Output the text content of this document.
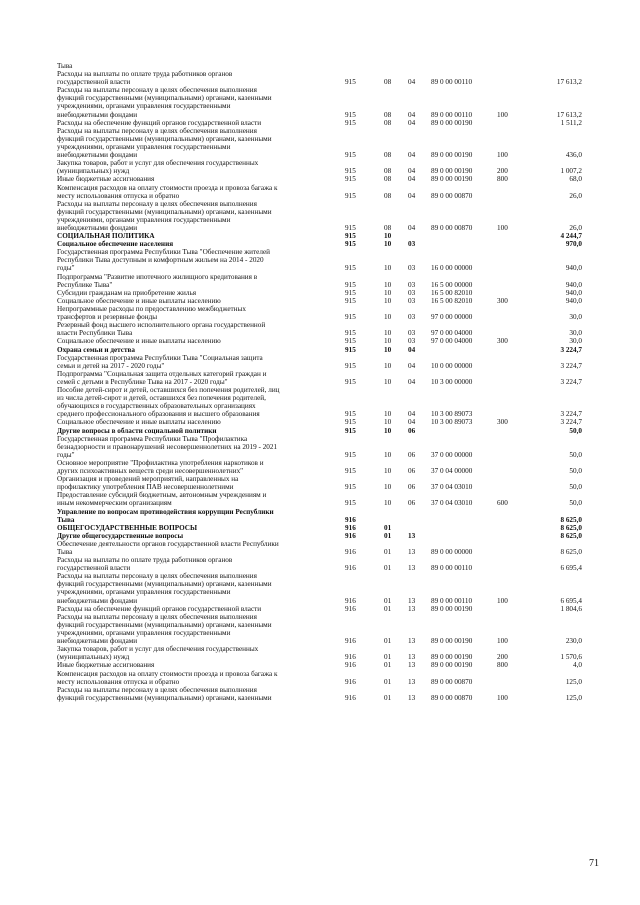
Тыва
Расходы на выплаты по оплате труда работников органов
государственной власти	915	08 04 89 0 00 00110	17 613,2
Расходы на выплаты персоналу в целях обеспечения выполнения
функций государственными (муниципальными) органами, казенными
учреждениями, органами управления государственными
внебюджетными фондами	915	08 04 89 0 00 00110	100	17 613,2
Расходы на обеспечение функций органов государственной власти	915	08 04 89 0 00 00190	1 511,2
Расходы на выплаты персоналу в целях обеспечения выполнения
функций государственными (муниципальными) органами, казенными
учреждениями, органами управления государственными
внебюджетными фондами	915	08 04 89 0 00 00190	100	436,0
Закупка товаров, работ и услуг для обеспечения государственных
(муниципальных) нужд	915	08 04 89 0 00 00190	200	1 007,2
Иные бюджетные ассигнования	915	08 04 89 0 00 00190	800	68,0
Компенсация расходов на оплату стоимости проезда и провоза багажа к
месту использования отпуска и обратно	915	08 04 89 0 00 00870	26,0
Расходы на выплаты персоналу в целях обеспечения выполнения
функций государственными (муниципальными) органами, казенными
учреждениями, органами управления государственными
внебюджетными фондами	915	08 04 89 0 00 00870	100	26,0
СОЦИАЛЬНАЯ ПОЛИТИКА	915	10	4 244,7
Социальное обеспечение населения	915	10 03	970,0
Государственная программа Республики Тыва "Обеспечение жителей
Республики Тыва доступным и комфортным жильем на 2014 - 2020
годы"	915	10 03 16 0 00 00000	940,0
Подпрограмма "Развитие ипотечного жилищного кредитования в
Республике Тыва"	915	10 03 16 5 00 00000	940,0
Субсидии гражданам на приобретение жилья	915	10 03 16 5 00 82010	940,0
Социальное обеспечение и иные выплаты населению	915	10 03 16 5 00 82010	300	940,0
Непрограммные расходы по предоставлению межбюджетных
трансфертов и резервные фонды	915	10 03 97 0 00 00000	30,0
Резервный фонд высшего исполнительного органа государственной
власти Республики Тыва	915	10 03 97 0 00 04000	30,0
Социальное обеспечение и иные выплаты населению	915	10 03 97 0 00 04000	300	30,0
Охрана семьи и детства	915	10 04	3 224,7
Государственная программа Республики Тыва "Социальная защита
семьи и детей на 2017 - 2020 годы"	915	10 04 10 0 00 00000	3 224,7
Подпрограмма "Социальная защита отдельных категорий граждан и
семей с детьми в Республике Тыва на 2017 - 2020 годы"	915	10 04 10 3 00 00000	3 224,7
Пособие детей-сирот и детей, оставшихся без попечения родителей, лиц
из числа детей-сирот и детей, оставшихся без попечения родителей,
обучающихся в государственных образовательных организациях
среднего профессионального образования и высшего образования	915	10 04 10 3 00 89073	3 224,7
Социальное обеспечение и иные выплаты населению	915	10 04 10 3 00 89073	300	3 224,7
Другие вопросы в области социальной политики	915	10 06	50,0
Государственная программа Республики Тыва "Профилактика
безнадзорности и правонарушений несовершеннолетних на 2019 - 2021
годы"	915	10 06 37 0 00 00000	50,0
Основное мероприятие "Профилактика употребления наркотиков и
других психоактивных веществ среди несовершеннолетних"	915	10 06 37 0 04 00000	50,0
Организация и проведений мероприятий, направленных на
профилактику употребления ПАВ несовершеннолетними	915	10 06 37 0 04 03010	50,0
Предоставление субсидий бюджетным, автономным учреждениям и
иным некоммерческим организациям	915	10 06 37 0 04 03010	600	50,0
Управление по вопросам противодействия коррупции Республики
Тыва	916	8 625,0
ОБЩЕГОСУДАРСТВЕННЫЕ ВОПРОСЫ	916	01	8 625,0
Другие общегосударственные вопросы	916	01 13	8 625,0
Обеспечение деятельности органов государственной власти Республики
Тыва	916	01 13 89 0 00 00000	8 625,0
Расходы на выплаты по оплате труда работников органов
государственной власти	916	01 13 89 0 00 00110	6 695,4
Расходы на выплаты персоналу в целях обеспечения выполнения
функций государственными (муниципальными) органами, казенными
учреждениями, органами управления государственными
внебюджетными фондами	916	01 13 89 0 00 00110	100	6 695,4
Расходы на обеспечение функций органов государственной власти	916	01 13 89 0 00 00190	1 804,6
Расходы на выплаты персоналу в целях обеспечения выполнения
функций государственными (муниципальными) органами, казенными
учреждениями, органами управления государственными
внебюджетными фондами	916	01 13 89 0 00 00190	100	230,0
Закупка товаров, работ и услуг для обеспечения государственных
(муниципальных) нужд	916	01 13 89 0 00 00190	200	1 570,6
Иные бюджетные ассигнования	916	01 13 89 0 00 00190	800	4,0
Компенсация расходов на оплату стоимости проезда и провоза багажа к
месту использования отпуска и обратно	916	01 13 89 0 00 00870	125,0
Расходы на выплаты персоналу в целях обеспечения выполнения
функций государственными (муниципальными) органами, казенными	916	01 13 89 0 00 00870	100	125,0
71
